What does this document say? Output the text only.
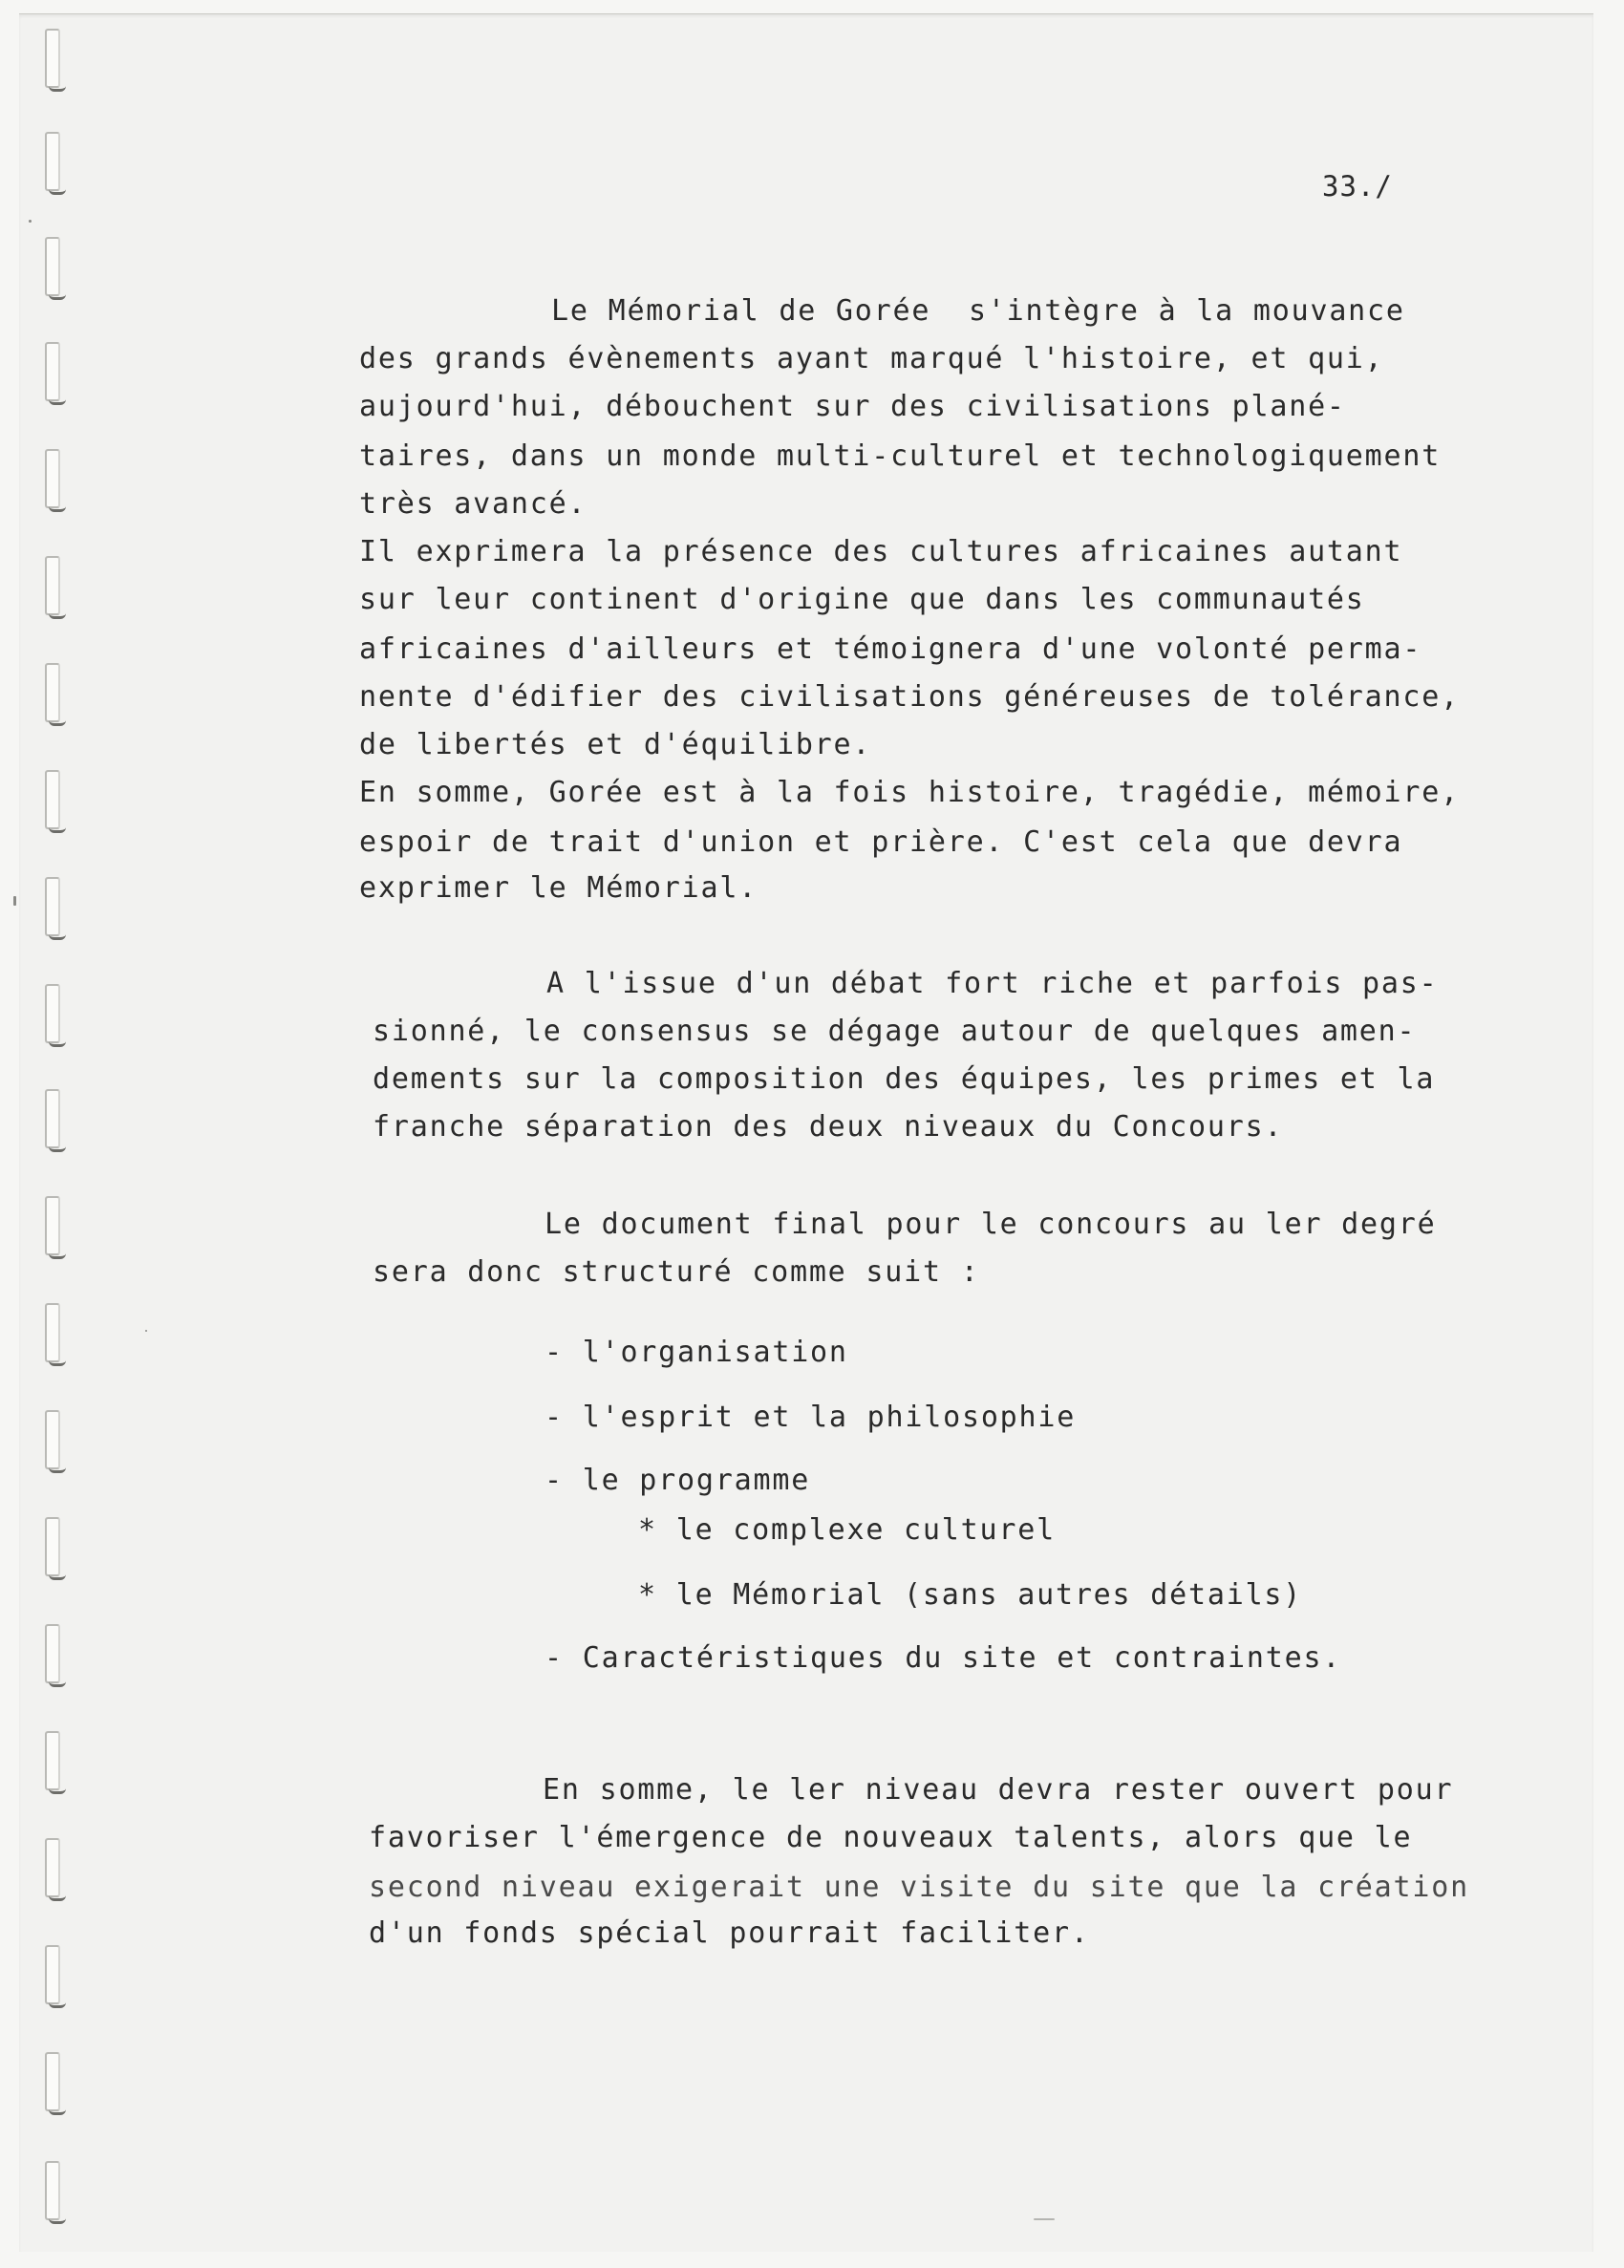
33./
Le Mémorial de Gorée  s'intègre à la mouvance
des grands évènements ayant marqué l'histoire, et qui,
aujourd'hui, débouchent sur des civilisations plané-
taires, dans un monde multi-culturel et technologiquement
très avancé.
Il exprimera la présence des cultures africaines autant
sur leur continent d'origine que dans les communautés
africaines d'ailleurs et témoignera d'une volonté perma-
nente d'édifier des civilisations généreuses de tolérance,
de libertés et d'équilibre.
En somme, Gorée est à la fois histoire, tragédie, mémoire,
espoir de trait d'union et prière. C'est cela que devra
exprimer le Mémorial.
A l'issue d'un débat fort riche et parfois pas-
sionné, le consensus se dégage autour de quelques amen-
dements sur la composition des équipes, les primes et la
franche séparation des deux niveaux du Concours.
Le document final pour le concours au ler degré
sera donc structuré comme suit :
- l'organisation
- l'esprit et la philosophie
- le programme
* le complexe culturel
* le Mémorial (sans autres détails)
- Caractéristiques du site et contraintes.
En somme, le ler niveau devra rester ouvert pour
favoriser l'émergence de nouveaux talents, alors que le
second niveau exigerait une visite du site que la création
d'un fonds spécial pourrait faciliter.
